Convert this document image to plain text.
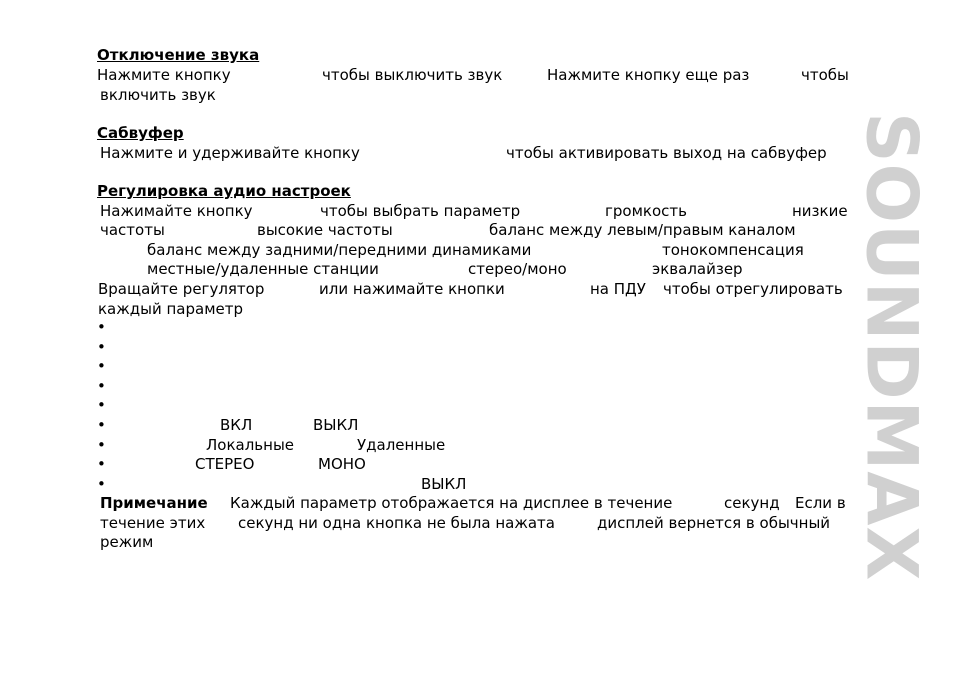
Отключение звука
Нажмите кнопку	чтобы выключить звук	Нажмите кнопку еще раз	чтобы
включить звук
Сабвуфер
Нажмите и удерживайте кнопку	чтобы активировать выход на сабвуфер
Регулировка аудио настроек
Нажимайте кнопку	чтобы выбрать параметр	громкость	низкие
частоты	высокие частоты	баланс между левым/правым каналом
баланс между задними/передними динамиками	тонокомпенсация
местные/удаленные станции	стерео/моно	эквалайзер
Вращайте регулятор	или нажимайте кнопки	на ПДУ чтобы отрегулировать
каждый параметр
•
•
•
•
•
•
•
•
•
ВКЛ	ВЫКЛ
Локальные	Удаленные
СТЕРЕО	МОНО
ВЫКЛ
Примечание Каждый параметр отображается на дисплее в течение	секунд Если в
течение этих секунд ни одна кнопка не была нажата	дисплей вернется в обычный
режим	SOUNDMAX
